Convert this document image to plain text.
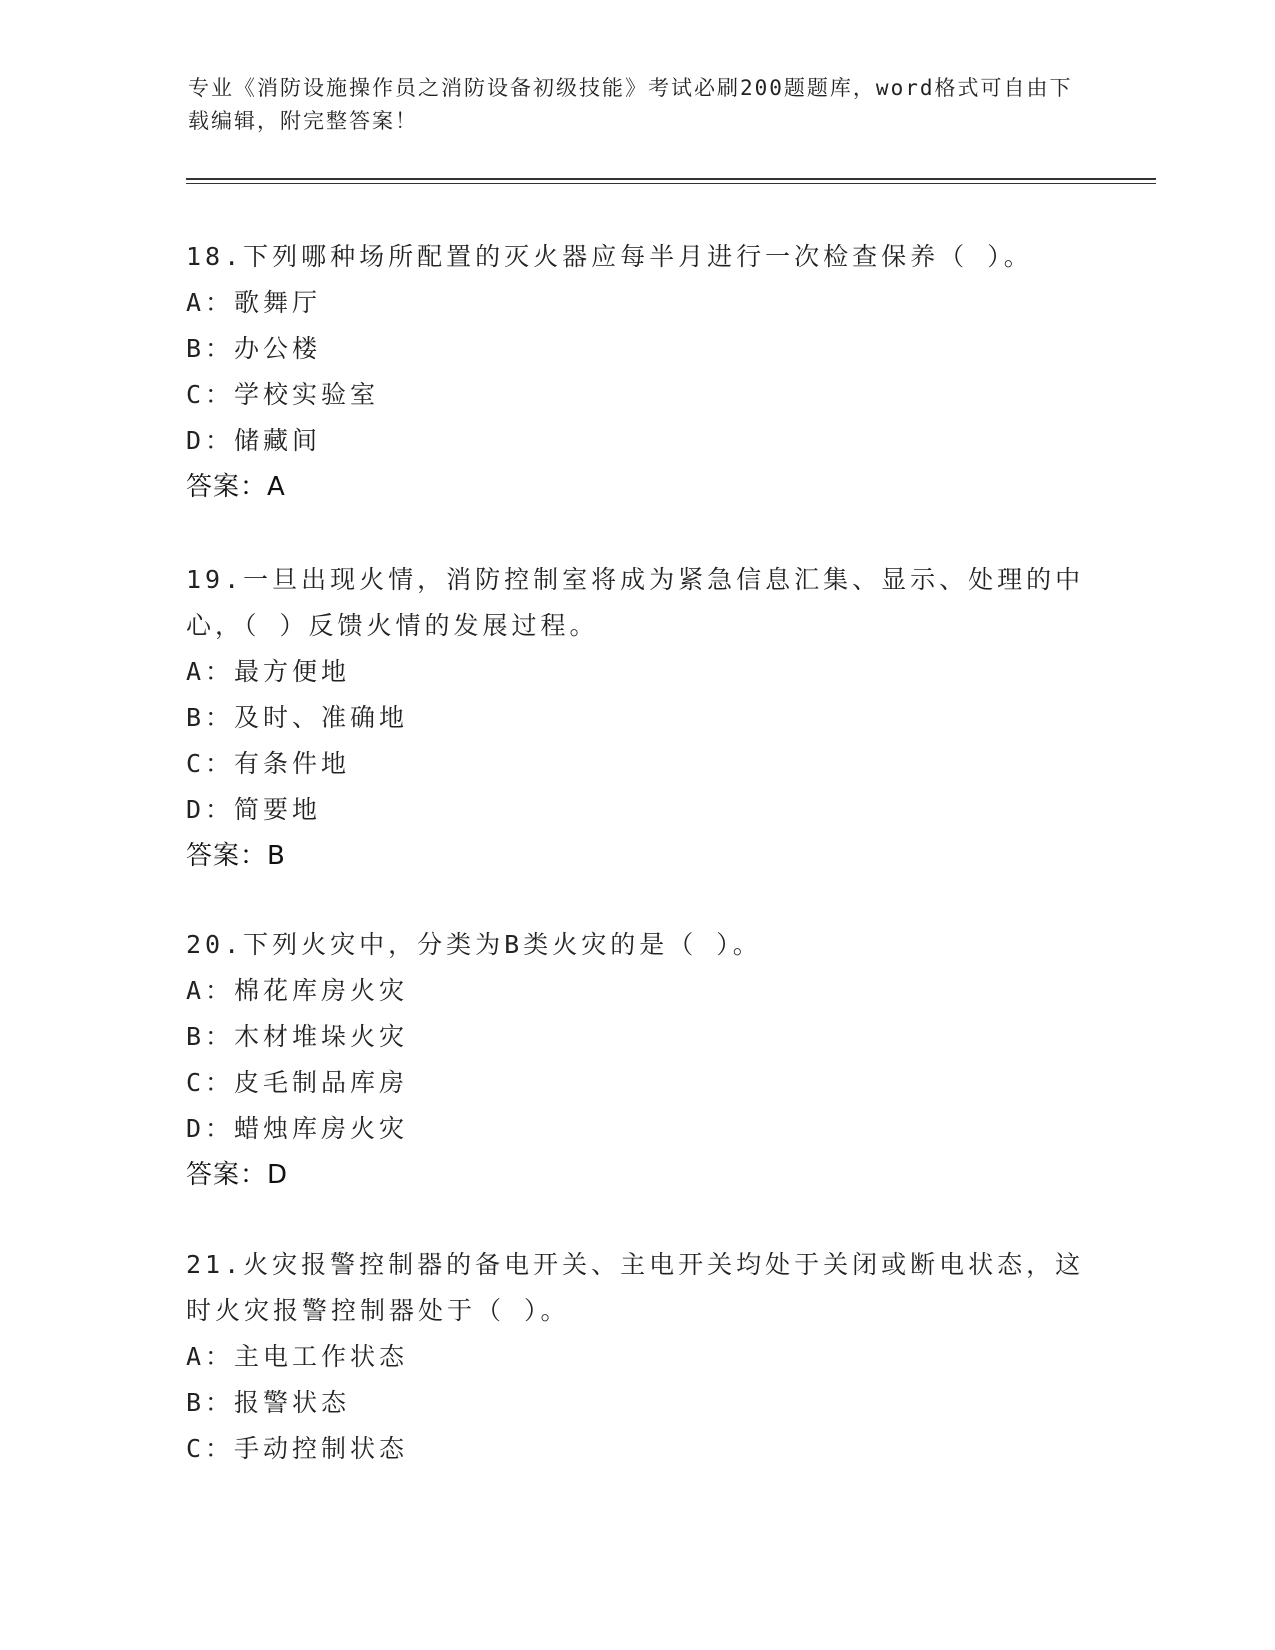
专业《消防设施操作员之消防设备初级技能》考试必刷200题题库，word格式可自由下载编辑，附完整答案！
18.下列哪种场所配置的灭火器应每半月进行一次检查保养（ ）。
A：歌舞厅
B：办公楼
C：学校实验室
D：储藏间
答案：A
19.一旦出现火情，消防控制室将成为紧急信息汇集、显示、处理的中心，（ ）反馈火情的发展过程。
A：最方便地
B：及时、准确地
C：有条件地
D：简要地
答案：B
20.下列火灾中，分类为B类火灾的是（ ）。
A：棉花库房火灾
B：木材堆垛火灾
C：皮毛制品库房
D：蜡烛库房火灾
答案：D
21.火灾报警控制器的备电开关、主电开关均处于关闭或断电状态，这时火灾报警控制器处于（ ）。
A：主电工作状态
B：报警状态
C：手动控制状态
